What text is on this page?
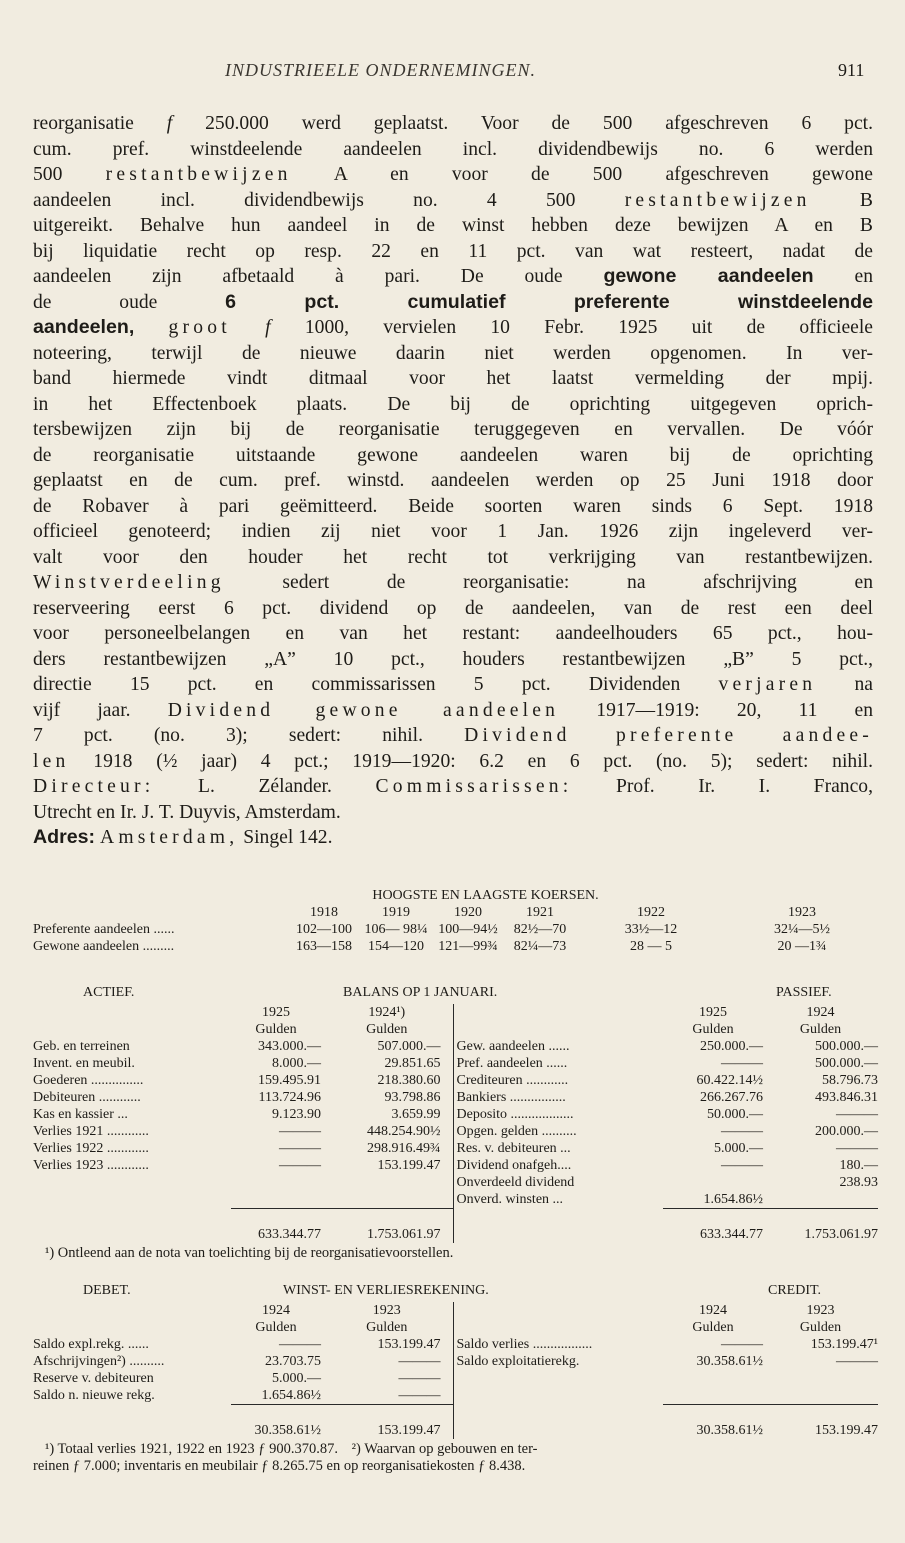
INDUSTRIEELE ONDERNEMINGEN.	911
reorganisatie f 250.000 werd geplaatst. Voor de 500 afgeschreven 6 pct.
cum. pref. winstdeelende aandeelen incl. dividendbewijs no. 6 werden
500 restantbewijzen A en voor de 500 afgeschreven gewone
aandeelen incl. dividendbewijs no. 4 500 restantbewijzen B
uitgereikt. Behalve hun aandeel in de winst hebben deze bewijzen A en B
bij liquidatie recht op resp. 22 en 11 pct. van wat resteert, nadat de
aandeelen zijn afbetaald à pari. De oude gewone aandeelen en
de oude 6 pct. cumulatief preferente winstdeelende
aandeelen, groot f 1000, vervielen 10 Febr. 1925 uit de officieele
noteering, terwijl de nieuwe daarin niet werden opgenomen. In ver-
band hiermede vindt ditmaal voor het laatst vermelding der mpij.
in het Effectenboek plaats. De bij de oprichting uitgegeven oprich-
tersbewijzen zijn bij de reorganisatie teruggegeven en vervallen. De vóór
de reorganisatie uitstaande gewone aandeelen waren bij de oprichting
geplaatst en de cum. pref. winstd. aandeelen werden op 25 Juni 1918 door
de Robaver à pari geëmitteerd. Beide soorten waren sinds 6 Sept. 1918
officieel genoteerd; indien zij niet voor 1 Jan. 1926 zijn ingeleverd ver-
valt voor den houder het recht tot verkrijging van restantbewijzen.
Winstverdeeling sedert de reorganisatie: na afschrijving en
reserveering eerst 6 pct. dividend op de aandeelen, van de rest een deel
voor personeelbelangen en van het restant: aandeelhouders 65 pct., hou-
ders restantbewijzen „A” 10 pct., houders restantbewijzen „B” 5 pct.,
directie 15 pct. en commissarissen 5 pct. Dividenden verjaren na
vijf jaar. Dividend gewone aandeelen 1917—1919: 20, 11 en
7 pct. (no. 3); sedert: nihil. Dividend preferente aandee-
len 1918 (½ jaar) 4 pct.; 1919—1920: 6.2 en 6 pct. (no. 5); sedert: nihil.
Directeur: L. Zélander. Commissarissen: Prof. Ir. I. Franco,
Utrecht en Ir. J. T. Duyvis, Amsterdam.
Adres: Amsterdam, Singel 142.
HOOGSTE EN LAAGSTE KOERSEN.
	1918	1919	1920	1921	1922	1923
Preferente aandeelen ......	102—100	106— 98¼	100—94½	82½—70	33½—12	32¼—5½
Gewone aandeelen .........	163—158	154—120	121—99¾	82¼—73	28 — 5	20 —1¾
ACTIEF.	BALANS OP 1 JANUARI.	PASSIEF.
	1925	1924¹)		1925	1924
	Gulden	Gulden		Gulden	Gulden
Geb. en terreinen	343.000.—	507.000.—	Gew. aandeelen ......	250.000.—	500.000.—
Invent. en meubil.	8.000.—	29.851.65	Pref. aandeelen ......	———	500.000.—
Goederen ...............	159.495.91	218.380.60	Crediteuren ............	60.422.14½	58.796.73
Debiteuren ............	113.724.96	93.798.86	Bankiers ................	266.267.76	493.846.31
Kas en kassier ...	9.123.90	3.659.99	Deposito ..................	50.000.—	———
Verlies 1921 ............	———	448.254.90½	Opgen. gelden ..........	———	200.000.—
Verlies 1922 ............	———	298.916.49¾	Res. v. debiteuren ...	5.000.—	———
Verlies 1923 ............	———	153.199.47	Dividend onafgeh....	———	180.—
			Onverdeeld dividend		238.93
			Onverd. winsten ...	1.654.86½	

	633.344.77	1.753.061.97		633.344.77	1.753.061.97
¹) Ontleend aan de nota van toelichting bij de reorganisatievoorstellen.
DEBET.	WINST- EN VERLIESREKENING.	CREDIT.
	1924	1923		1924	1923
	Gulden	Gulden		Gulden	Gulden
Saldo expl.rekg. ......	———	153.199.47	Saldo verlies .................	———	153.199.47¹
Afschrijvingen²) ..........	23.703.75	———	Saldo exploitatierekg.	30.358.61½	———
Reserve v. debiteuren	5.000.—	———			
Saldo n. nieuwe rekg.	1.654.86½	———			

	30.358.61½	153.199.47		30.358.61½	153.199.47
¹) Totaal verlies 1921, 1922 en 1923 ƒ 900.370.87. ²) Waarvan op gebouwen en ter-
reinen ƒ 7.000; inventaris en meubilair ƒ 8.265.75 en op reorganisatiekosten ƒ 8.438.
